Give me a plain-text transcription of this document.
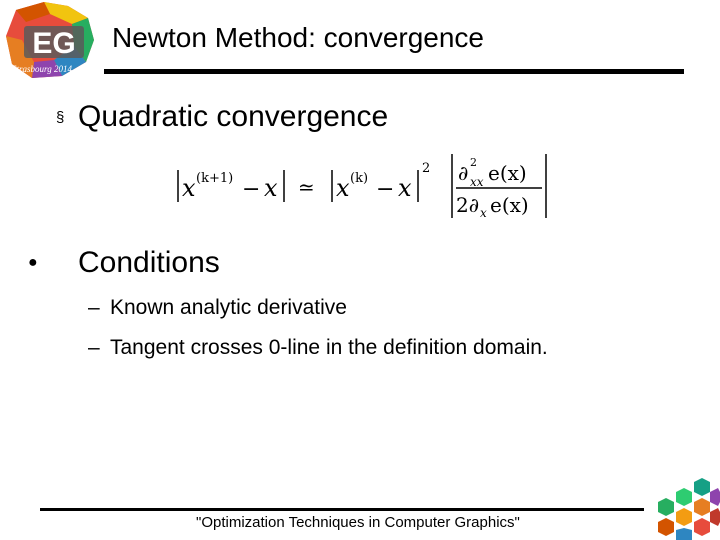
EG
Strasbourg 2014
Newton Method: convergence
§ Quadratic convergence
x (k+1) − x ≃ x (k) − x
2 ∂ 2
xx e(x)
2∂ x e(x)
●	Conditions
– Known analytic derivative
– Tangent crosses 0-line in the definition domain.
"Optimization Techniques in Computer Graphics"
